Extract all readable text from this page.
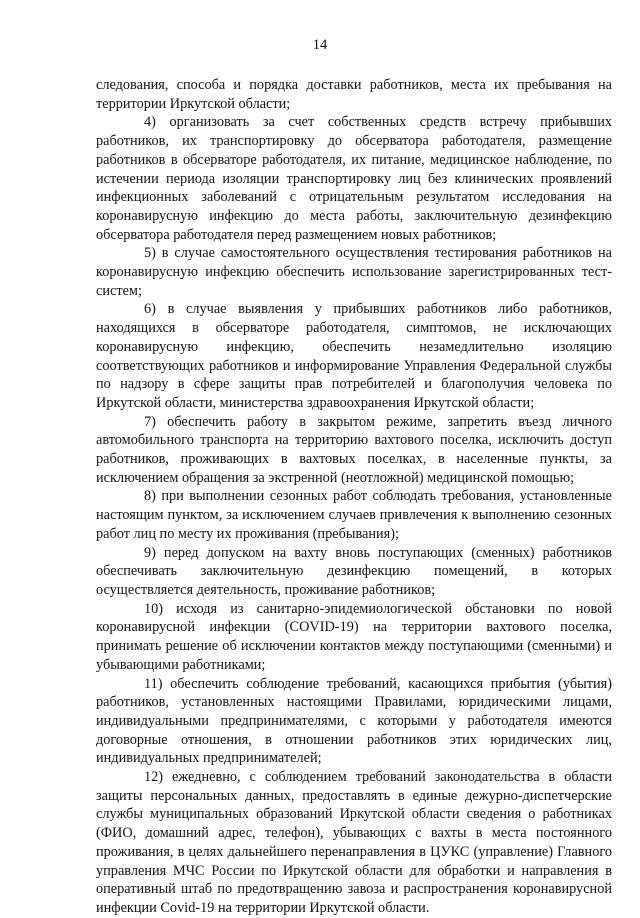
14

следования, способа и порядка доставки работников, места их пребывания на территории Иркутской области;

4) организовать за счет собственных средств встречу прибывших работников, их транспортировку до обсерватора работодателя, размещение работников в обсерваторе работодателя, их питание, медицинское наблюдение, по истечении периода изоляции транспортировку лиц без клинических проявлений инфекционных заболеваний с отрицательным результатом исследования на коронавирусную инфекцию до места работы, заключительную дезинфекцию обсерватора работодателя перед размещением новых работников;

5) в случае самостоятельного осуществления тестирования работников на коронавирусную инфекцию обеспечить использование зарегистрированных тест-систем;

6) в случае выявления у прибывших работников либо работников, находящихся в обсерваторе работодателя, симптомов, не исключающих коронавирусную инфекцию, обеспечить незамедлительно изоляцию соответствующих работников и информирование Управления Федеральной службы по надзору в сфере защиты прав потребителей и благополучия человека по Иркутской области, министерства здравоохранения Иркутской области;

7) обеспечить работу в закрытом режиме, запретить въезд личного автомобильного транспорта на территорию вахтового поселка, исключить доступ работников, проживающих в вахтовых поселках, в населенные пункты, за исключением обращения за экстренной (неотложной) медицинской помощью;

8) при выполнении сезонных работ соблюдать требования, установленные настоящим пунктом, за исключением случаев привлечения к выполнению сезонных работ лиц по месту их проживания (пребывания);

9) перед допуском на вахту вновь поступающих (сменных) работников обеспечивать заключительную дезинфекцию помещений, в которых осуществляется деятельность, проживание работников;

10) исходя из санитарно-эпидемиологической обстановки по новой коронавирусной инфекции (COVID-19) на территории вахтового поселка, принимать решение об исключении контактов между поступающими (сменными) и убывающими работниками;

11) обеспечить соблюдение требований, касающихся прибытия (убытия) работников, установленных настоящими Правилами, юридическими лицами, индивидуальными предпринимателями, с которыми у работодателя имеются договорные отношения, в отношении работников этих юридических лиц, индивидуальных предпринимателей;

12) ежедневно, с соблюдением требований законодательства в области защиты персональных данных, предоставлять в единые дежурно-диспетчерские службы муниципальных образований Иркутской области сведения о работниках (ФИО, домашний адрес, телефон), убывающих с вахты в места постоянного проживания, в целях дальнейшего перенаправления в ЦУКС (управление) Главного управления МЧС России по Иркутской области для обработки и направления в оперативный штаб по предотвращению завоза и распространения коронавирусной инфекции Covid-19 на территории Иркутской области.
